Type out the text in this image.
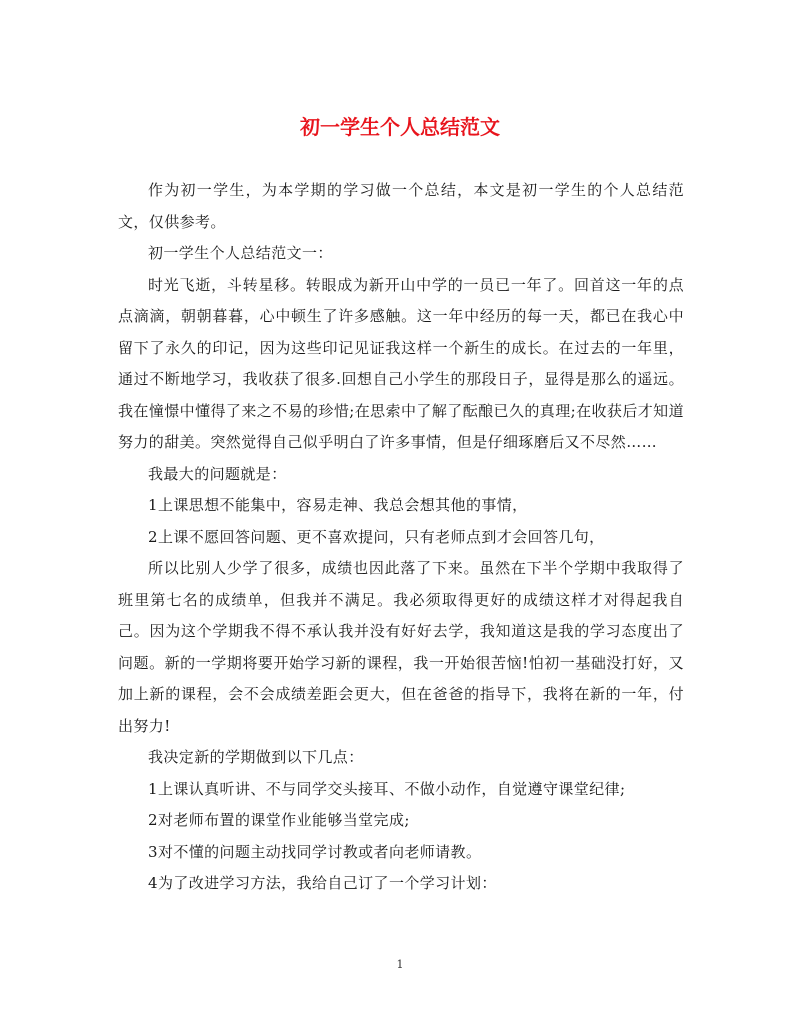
初一学生个人总结范文

作为初一学生，为本学期的学习做一个总结，本文是初一学生的个人总结范文，仅供参考。

初一学生个人总结范文一：

时光飞逝，斗转星移。转眼成为新开山中学的一员已一年了。回首这一年的点点滴滴，朝朝暮暮，心中顿生了许多感触。这一年中经历的每一天，都已在我心中留下了永久的印记，因为这些印记见证我这样一个新生的成长。在过去的一年里，通过不断地学习，我收获了很多.回想自己小学生的那段日子，显得是那么的遥远。我在憧憬中懂得了来之不易的珍惜;在思索中了解了酝酿已久的真理;在收获后才知道努力的甜美。突然觉得自己似乎明白了许多事情，但是仔细琢磨后又不尽然……

我最大的问题就是：

1上课思想不能集中，容易走神、我总会想其他的事情，

2上课不愿回答问题、更不喜欢提问，只有老师点到才会回答几句，

所以比别人少学了很多，成绩也因此落了下来。虽然在下半个学期中我取得了班里第七名的成绩单，但我并不满足。我必须取得更好的成绩这样才对得起我自己。因为这个学期我不得不承认我并没有好好去学，我知道这是我的学习态度出了问题。新的一学期将要开始学习新的课程，我一开始很苦恼!怕初一基础没打好，又加上新的课程，会不会成绩差距会更大，但在爸爸的指导下，我将在新的一年，付出努力!

我决定新的学期做到以下几点：

1上课认真听讲、不与同学交头接耳、不做小动作，自觉遵守课堂纪律;

2对老师布置的课堂作业能够当堂完成;

3对不懂的问题主动找同学讨教或者向老师请教。

4为了改进学习方法，我给自己订了一个学习计划：

1
